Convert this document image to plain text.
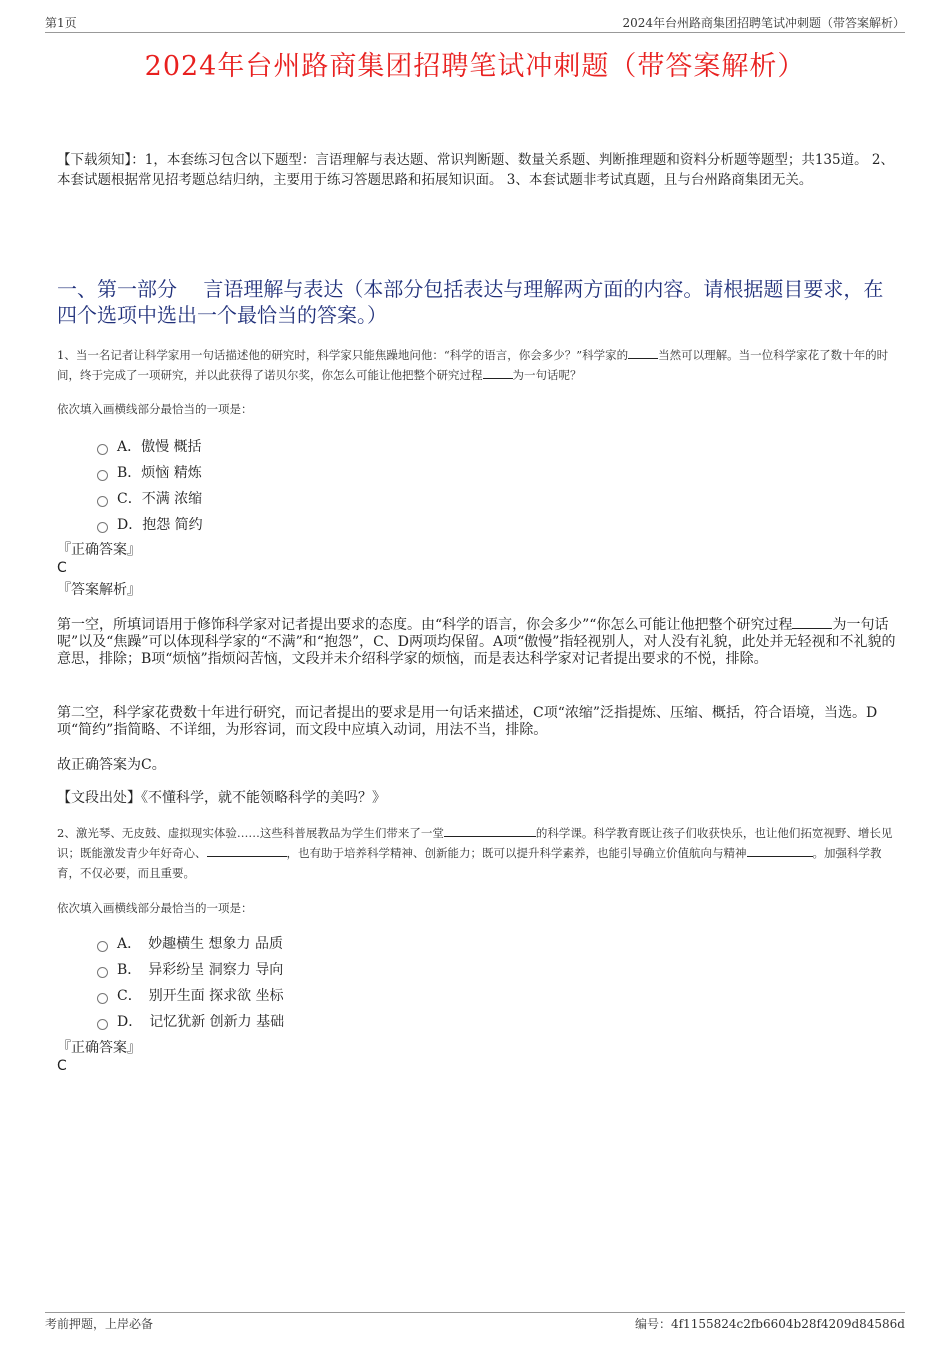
第1页	2024年台州路商集团招聘笔试冲刺题（带答案解析）
2024年台州路商集团招聘笔试冲刺题（带答案解析）
【下载须知】：1，本套练习包含以下题型：言语理解与表达题、常识判断题、数量关系题、判断推理题和资料分析题等题型；共135道。 2、本套试题根据常见招考题总结归纳，主要用于练习答题思路和拓展知识面。 3、本套试题非考试真题，且与台州路商集团无关。
一、第一部分　 言语理解与表达（本部分包括表达与理解两方面的内容。请根据题目要求，在四个选项中选出一个最恰当的答案。）
1、当一名记者让科学家用一句话描述他的研究时，科学家只能焦躁地问他：“科学的语言，你会多少？”科学家的	当然可以理解。当一位科学家花了数十年的时间，终于完成了一项研究，并以此获得了诺贝尔奖，你怎么可能让他把整个研究过程	为一句话呢？
依次填入画横线部分最恰当的一项是：
A．傲慢 概括
B．烦恼 精炼
C．不满 浓缩
D．抱怨 简约
『正确答案』
C
『答案解析』
第一空，所填词语用于修饰科学家对记者提出要求的态度。由“科学的语言，你会多少”“你怎么可能让他把整个研究过程	为一句话呢”以及“焦躁”可以体现科学家的“不满”和“抱怨”，C、D两项均保留。A项“傲慢”指轻视别人，对人没有礼貌，此处并无轻视和不礼貌的意思，排除；B项“烦恼”指烦闷苦恼，文段并未介绍科学家的烦恼，而是表达科学家对记者提出要求的不悦，排除。
第二空，科学家花费数十年进行研究，而记者提出的要求是用一句话来描述，C项“浓缩”泛指提炼、压缩、概括，符合语境，当选。D项“简约”指简略、不详细，为形容词，而文段中应填入动词，用法不当，排除。
故正确答案为C。
【文段出处】《不懂科学，就不能领略科学的美吗？》
2、激光琴、无皮鼓、虚拟现实体验……这些科普展教品为学生们带来了一堂	的科学课。科学教育既让孩子们收获快乐，也让他们拓宽视野、增长见识；既能激发青少年好奇心、	，也有助于培养科学精神、创新能力；既可以提升科学素养，也能引导确立价值航向与精神	。加强科学教育，不仅必要，而且重要。
依次填入画横线部分最恰当的一项是：
A．　妙趣横生 想象力 品质
B．　异彩纷呈 洞察力 导向
C．　别开生面 探求欲 坐标
D．　记忆犹新 创新力 基础
『正确答案』
C
考前押题，上岸必备	编号：4f1155824c2fb6604b28f4209d84586d
